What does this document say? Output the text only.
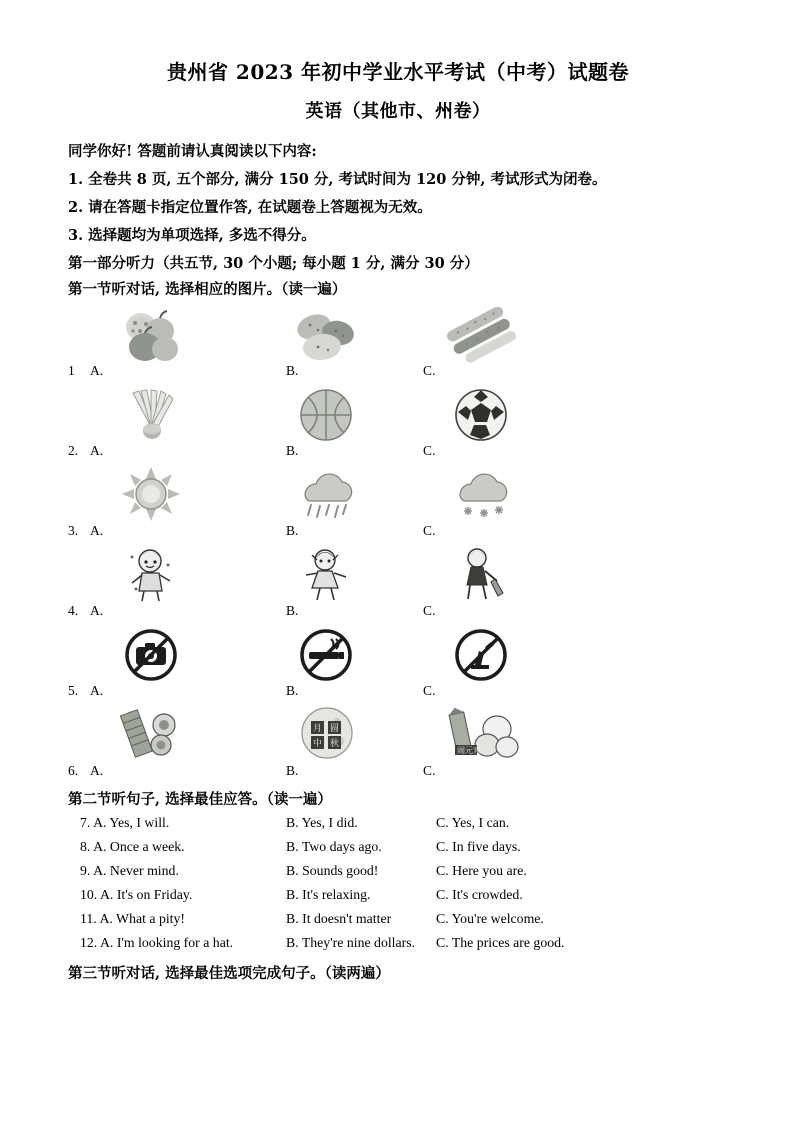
贵州省 2023 年初中学业水平考试（中考）试题卷
英语（其他市、州卷）
同学你好! 答题前请认真阅读以下内容:
1. 全卷共 8 页, 五个部分, 满分 150 分, 考试时间为 120 分钟, 考试形式为闭卷。
2. 请在答题卡指定位置作答, 在试题卷上答题视为无效。
3. 选择题均为单项选择, 多选不得分。
第一部分听力（共五节, 30 个小题; 每小题 1 分, 满分 30 分）
第一节听对话, 选择相应的图片。（读一遍）
1 A.	B.	C.
2. A.	B.	C.
3. A.	B.	C.
4. A.	B.	C.
5. A.	B.	C.
月 圆
中 秋
闹元宵
6. A.	B.	C.
第二节听句子, 选择最佳应答。（读一遍）
7. A. Yes, I will.	B. Yes, I did.	C. Yes, I can.
8. A. Once a week.	B. Two days ago.	C. In five days.
9. A. Never mind.	B. Sounds good!	C. Here you are.
10. A. It's on Friday.	B. It's relaxing.	C. It's crowded.
11. A. What a pity!	B. It doesn't matter	C. You're welcome.
12. A. I'm looking for a hat.	B. They're nine dollars. C. The prices are good.
第三节听对话, 选择最佳选项完成句子。（读两遍）
